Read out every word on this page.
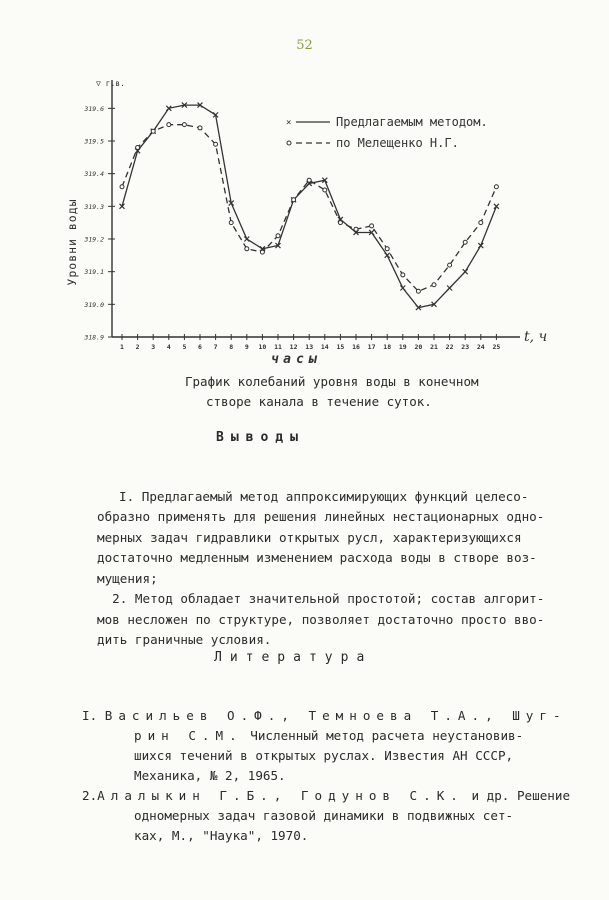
52
▽ г.в.
t, ч
318.9
319.0
319.1
319.2
319.3
319.4
319.5
319.6
1 2 3 4 5 6 7 8 9 10 11 12 13 14 15 16 17 18 19 20 21 22 23 24 25
часы
Уровни воды
×	Предлагаемым методом.
по Мелещенко Н.Г.
График колебаний уровня воды в конечном
створе канала в течение суток.
Выводы

I. Предлагаемый метод аппроксимирующих функций целесо-
образно применять для решения линейных нестационарных одно-
мерных задач гидравлики открытых русл, характеризующихся
достаточно медленным изменением расхода воды в створе воз-
мущения;
2. Метод обладает значительной простотой; состав алгорит-
мов несложен по структуре, позволяет достаточно просто вво-
дить граничные условия.

Литература

I. Васильев О.Ф., Темноева Т.А., Шуг-
рин С.М. Численный метод расчета неустановив-
шихся течений в открытых руслах. Известия АН СССР,
Механика, № 2, 1965.
2.Алалыкин Г.Б., Годунов С.К. и др. Решение
одномерных задач газовой динамики в подвижных сет-
ках, М., "Наука", 1970.
